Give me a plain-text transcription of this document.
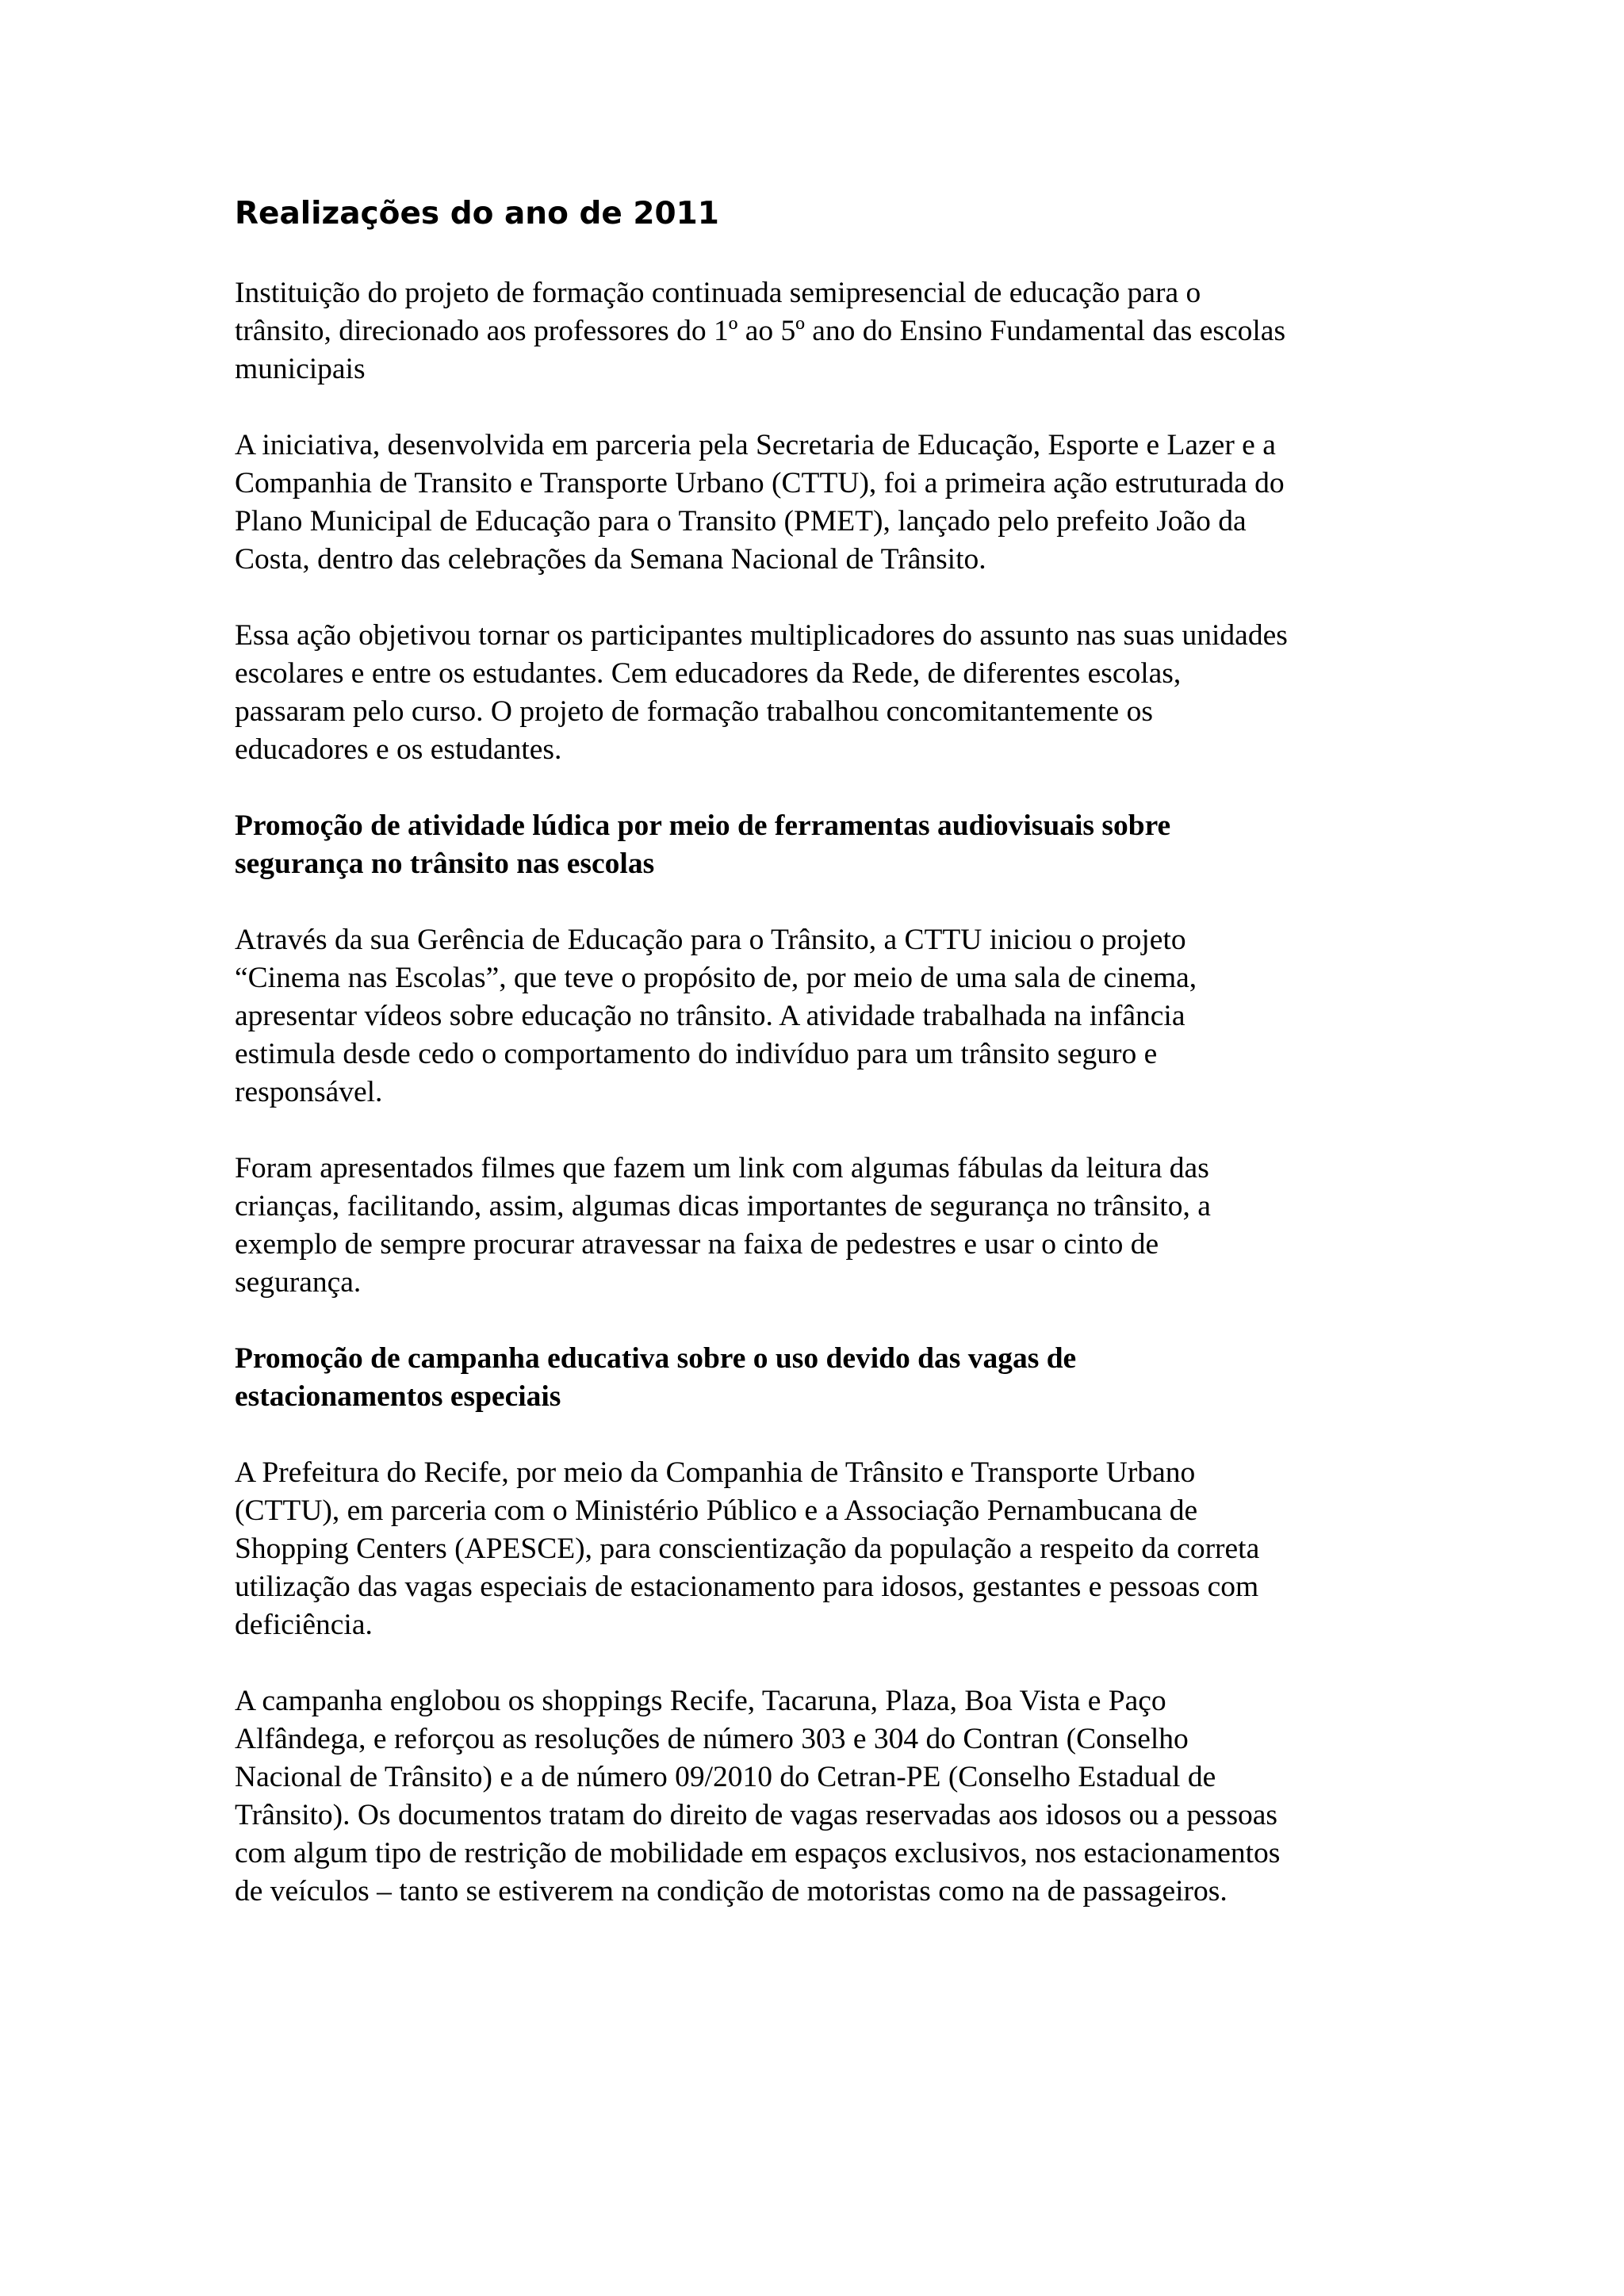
Realizações do ano de 2011
Instituição do projeto de formação continuada semipresencial de educação para o
trânsito, direcionado aos professores do 1º ao 5º ano do Ensino Fundamental das escolas
municipais
A iniciativa, desenvolvida em parceria pela Secretaria de Educação, Esporte e Lazer e a
Companhia de Transito e Transporte Urbano (CTTU), foi a primeira ação estruturada do
Plano Municipal de Educação para o Transito (PMET), lançado pelo prefeito João da
Costa, dentro das celebrações da Semana Nacional de Trânsito.
Essa ação objetivou tornar os participantes multiplicadores do assunto nas suas unidades
escolares e entre os estudantes. Cem educadores da Rede, de diferentes escolas,
passaram pelo curso. O projeto de formação trabalhou concomitantemente os
educadores e os estudantes.
Promoção de atividade lúdica por meio de ferramentas audiovisuais sobre
segurança no trânsito nas escolas
Através da sua Gerência de Educação para o Trânsito, a CTTU iniciou o projeto
“Cinema nas Escolas”, que teve o propósito de, por meio de uma sala de cinema,
apresentar vídeos sobre educação no trânsito. A atividade trabalhada na infância
estimula desde cedo o comportamento do indivíduo para um trânsito seguro e
responsável.
Foram apresentados filmes que fazem um link com algumas fábulas da leitura das
crianças, facilitando, assim, algumas dicas importantes de segurança no trânsito, a
exemplo de sempre procurar atravessar na faixa de pedestres e usar o cinto de
segurança.
Promoção de campanha educativa sobre o uso devido das vagas de
estacionamentos especiais
A Prefeitura do Recife, por meio da Companhia de Trânsito e Transporte Urbano
(CTTU), em parceria com o Ministério Público e a Associação Pernambucana de
Shopping Centers (APESCE), para conscientização da população a respeito da correta
utilização das vagas especiais de estacionamento para idosos, gestantes e pessoas com
deficiência.
A campanha englobou os shoppings Recife, Tacaruna, Plaza, Boa Vista e Paço
Alfândega, e reforçou as resoluções de número 303 e 304 do Contran (Conselho
Nacional de Trânsito) e a de número 09/2010 do Cetran-PE (Conselho Estadual de
Trânsito). Os documentos tratam do direito de vagas reservadas aos idosos ou a pessoas
com algum tipo de restrição de mobilidade em espaços exclusivos, nos estacionamentos
de veículos – tanto se estiverem na condição de motoristas como na de passageiros.
